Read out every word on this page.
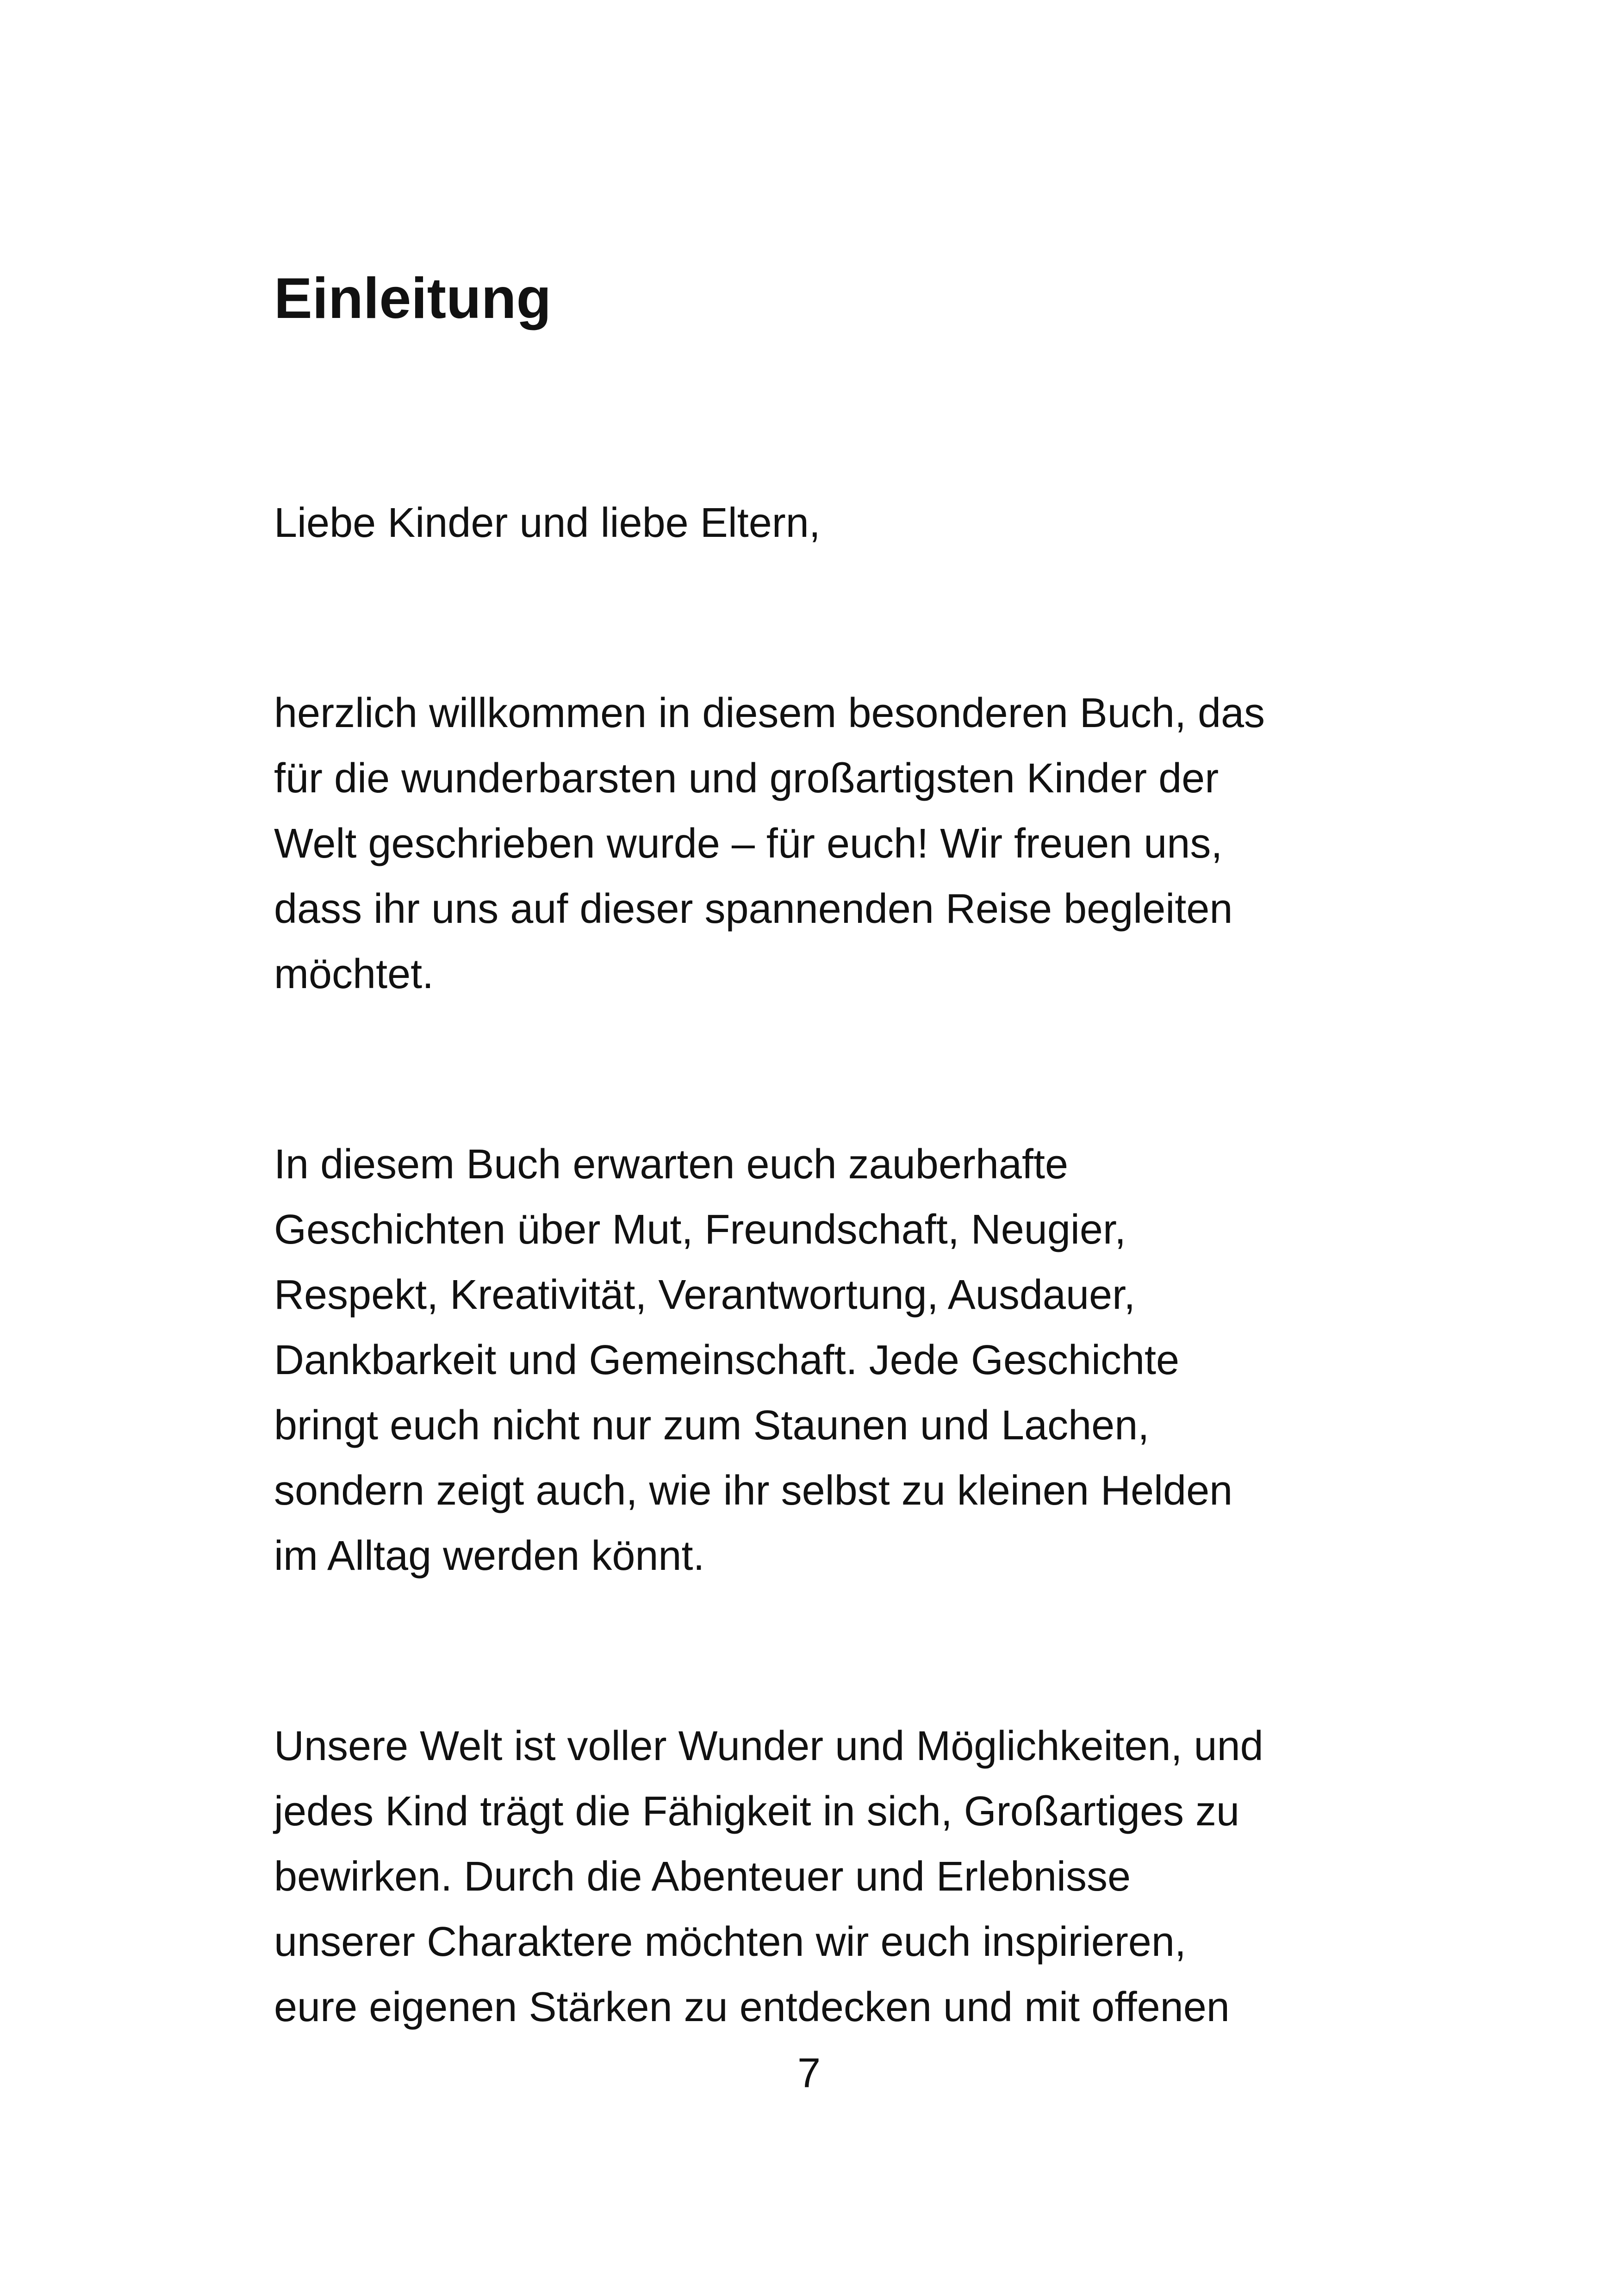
Einleitung

Liebe Kinder und liebe Eltern,

herzlich willkommen in diesem besonderen Buch, das
für die wunderbarsten und großartigsten Kinder der
Welt geschrieben wurde – für euch! Wir freuen uns,
dass ihr uns auf dieser spannenden Reise begleiten
möchtet.

In diesem Buch erwarten euch zauberhafte
Geschichten über Mut, Freundschaft, Neugier,
Respekt, Kreativität, Verantwortung, Ausdauer,
Dankbarkeit und Gemeinschaft. Jede Geschichte
bringt euch nicht nur zum Staunen und Lachen,
sondern zeigt auch, wie ihr selbst zu kleinen Helden
im Alltag werden könnt.

Unsere Welt ist voller Wunder und Möglichkeiten, und
jedes Kind trägt die Fähigkeit in sich, Großartiges zu
bewirken. Durch die Abenteuer und Erlebnisse
unserer Charaktere möchten wir euch inspirieren,
eure eigenen Stärken zu entdecken und mit offenen

7
